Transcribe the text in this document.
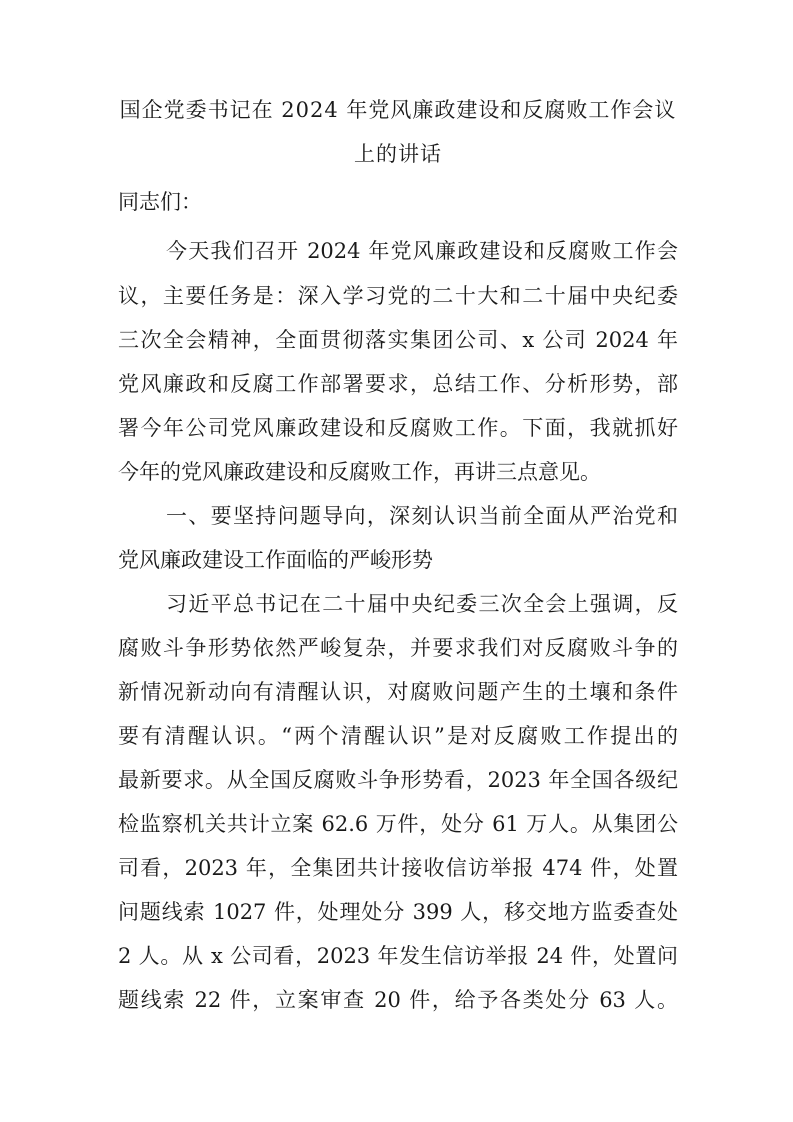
国企党委书记在 2024 年党风廉政建设和反腐败工作会议
上的讲话
同志们：
今天我们召开 2024 年党风廉政建设和反腐败工作会
议，主要任务是：深入学习党的二十大和二十届中央纪委
三次全会精神，全面贯彻落实集团公司、x 公司 2024 年
党风廉政和反腐工作部署要求，总结工作、分析形势，部
署今年公司党风廉政建设和反腐败工作。下面，我就抓好
今年的党风廉政建设和反腐败工作，再讲三点意见。
一、要坚持问题导向，深刻认识当前全面从严治党和
党风廉政建设工作面临的严峻形势
习近平总书记在二十届中央纪委三次全会上强调，反
腐败斗争形势依然严峻复杂，并要求我们对反腐败斗争的
新情况新动向有清醒认识，对腐败问题产生的土壤和条件
要有清醒认识。“两个清醒认识”是对反腐败工作提出的
最新要求。从全国反腐败斗争形势看，2023 年全国各级纪
检监察机关共计立案 62.6 万件，处分 61 万人。从集团公
司看，2023 年，全集团共计接收信访举报 474 件，处置
问题线索 1027 件，处理处分 399 人，移交地方监委查处
2 人。从 x 公司看，2023 年发生信访举报 24 件，处置问
题线索 22 件，立案审查 20 件，给予各类处分 63 人。
